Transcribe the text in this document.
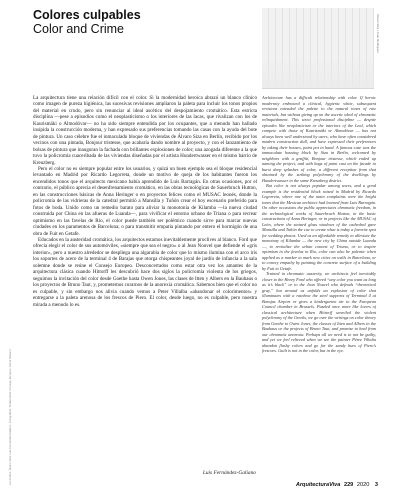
Colores culpables
Color and Crime	Álvaro Siza / Juan Rodríguez

La arquitectura tiene una relación difícil con el color. Si la modernidad heroica abrazó un blanco clínico como imagen de pureza higiénica, las sucesivas revisiones ampliaron la paleta para incluir los tonos propios del material en crudo, pero sin renunciar al ideal ascético del despojamiento cromático. Esta estricta disciplina —pese a episodios como el neoplasticismo o los interiores de las lacas, que rivalizan con los de Kaurismäki o Almodóvar— no ha sido siempre entendida por los ocupantes, que a menudo han hallado insípida la construcción moderna, y han expresado sus preferencias tomando las casas con la ayuda del bote de pintura. Un caso célebre fue el inmaculado bloque de viviendas de Álvaro Siza en Berlín, recibido por los vecinos con una pintada, Bonjour tristesse, que acabaría dando nombre al proyecto, y con el lanzamiento de bolsas de pintura que inauguran la fachada con brillantes explosiones de color; una azogada diferente a la que tuvo la policromía cuaceribada de las viviendas diseñadas por el artista Hundertwasser en el mismo barrio de Kreuzberg.

Pero el color no es siempre popular entre los usuarios, y quizá un buen ejemplo sea el bloque residencial levantado en Madrid por Ricardo Legorreta, donde un motivo de queja de los habitantes fueron los encendidos tonos que el arquitecto mexicano había aprendido de Luis Barragán. En otras ocasiones, por el contrario, el público aprecia el desenfrenamiento cromático, en las obras tecnológicas de Sauerbruch Hutton, en las construcciones básicas de Anna Heringer o en proyectos felices como el MUSAC leonés, donde la policromía de las vidrieras de la catedral permitió a Mansilla y Tuñón crear el hoy escenario preferido para fotos de boda. Unido como un remedio barato para aliviar la monotonía de Kilamba —la nueva ciudad construida por China en las afueras de Luanda—, para vivificar el entorno urbano de Triana o para recrear optimismo en las favelas de Río, el color puede también ser polémico cuando sirve para marcar nuevas ciudades en los paramentos de Barcelona; o para transmitir empatía pintando por entero el hormigón de una obra de Fuit en Getafe.

Educados en la austeridad cromática, los arquitectos estamos inevitablemente proclives al blanco. Ford que ofrecía elegir el color de sus automóviles, «siempre que sea el negro» o al Jean Nouvel que defiende el «gris interior», pero a nuestro alrededor se despliega una algarabía de color que lo mismo ilumina con el arco iris los soportes de acero de la terminal 4 de Barajas que otorga chispeantes joyal de jardín de infancia a la sala solemne donde se reúne el Consejo Europeo. Desconcertados como estar otra vez los amantes de la arquitectura clásica cuando Hittorff les descubrió hace dos siglos la policromía violenta de los griegos, seguimos la invitación del color desde Goethe hasta Owen Jones, las clases de Itten y Albers en la Bauhaus o los proyectos de Bruno Taut, y, prometemos curarnos de la anorexia cromática. Sabemos bien que el color no es culpable, y sin embargo nos aliviа cuando vemos a Peter Villalba «abandonar el colorimentor» y entregarse a la paleta arenosa de los frescos de Piero. El color, desde luego, no es culpable, pero nuestra mirada a menudo lo es.

Luis Fernández-Galiano

Architecture has a difficult relationship with color. If heroic modernity embraced a clinical, hygienic white, subsequent revisions extended the palette to the natural tones of raw materials, but without giving up on the ascetic ideal of chromatic relinquishment. This strict professional discipline — despite episodes like neoplasticism or the interiors of the Leal, which compete with those of Kaurismäki or Almodóvar — has not always been well understood by users, who have often considered modern construction dull, and have expressed their preferences by taking their houses, paint pot in hand. A famous case was the immaculate housing block by Siza in Berlin, welcomed by neighbors with a graffiti, Bonjour tristesse, which ended up naming the project, and with bags of paint cast on the facade to burst deep splashes of color, a different reception from that obtained by the striking polychromy of the dwellings by Hundertwasser in the same Kreuzberg district.

But color is not always popular among users, and a good example is the residential block raised in Madrid by Ricardo Legorreta, where one of the main complaints were the bright tones that the Mexican architect had learned from Luis Barragán. On other occasions the public appreciates chromatic freedom, in the technological works of Sauerbruch Hutton, in the basic constructions of Anna Heringer, or in projects like the MUSAC of León, where the stained glass windows of the cathedral gave Mansilla and Tuñón the cue to create what is today a favorite spot for wedding photos. Used as an affordable remedy to alleviate the monotony of Kilamba — the new city by China outside Luanda —, to revitalize the urban context of Triana, or to inspire optimism in the favelas in Rio, color can also be polemic when applied as a marker to mark new cities on walls in Barcelona, or to convey empathy by painting the concrete surface of a building by Fuit in Getafe.

Trained in chromatic austerity, we architects feel inevitably closer to the Henry Ford who offered “any color you want as long as it’s black” or to the Jean Nouvel who defends “theoretical gray,” but around us unfolds an explosion of color that illuminates with a rainbow the steel supports of Terminal 4 at Barajas Airport or gives a kindergarten air to the European Council chamber in Brussels. Puzzled once more like lovers of classical architecture when Hittorff unveiled the violent polychromy of the Greeks, we go over the writings on color theory from Goethe to Owen Jones, the classes of Itten and Albers in the Bauhaus or the projects of Bruno Taut, and promise to heal from our chromatic anorexia. Perhaps all we need is to not be guilty, and yet we feel relieved when we see the painter Pérez Villalta abandon flashy colors and go for the sandy hues of Piero’s frescoes. Guilt is not in the color, but in the eye.

Los Paños, Álvaro Siza, Luis Fernández-Galiano. Fotografías: Shutterstock; Consejo Europeo; Jaime Navarro	ArquitecturaViva 229 2020 3
